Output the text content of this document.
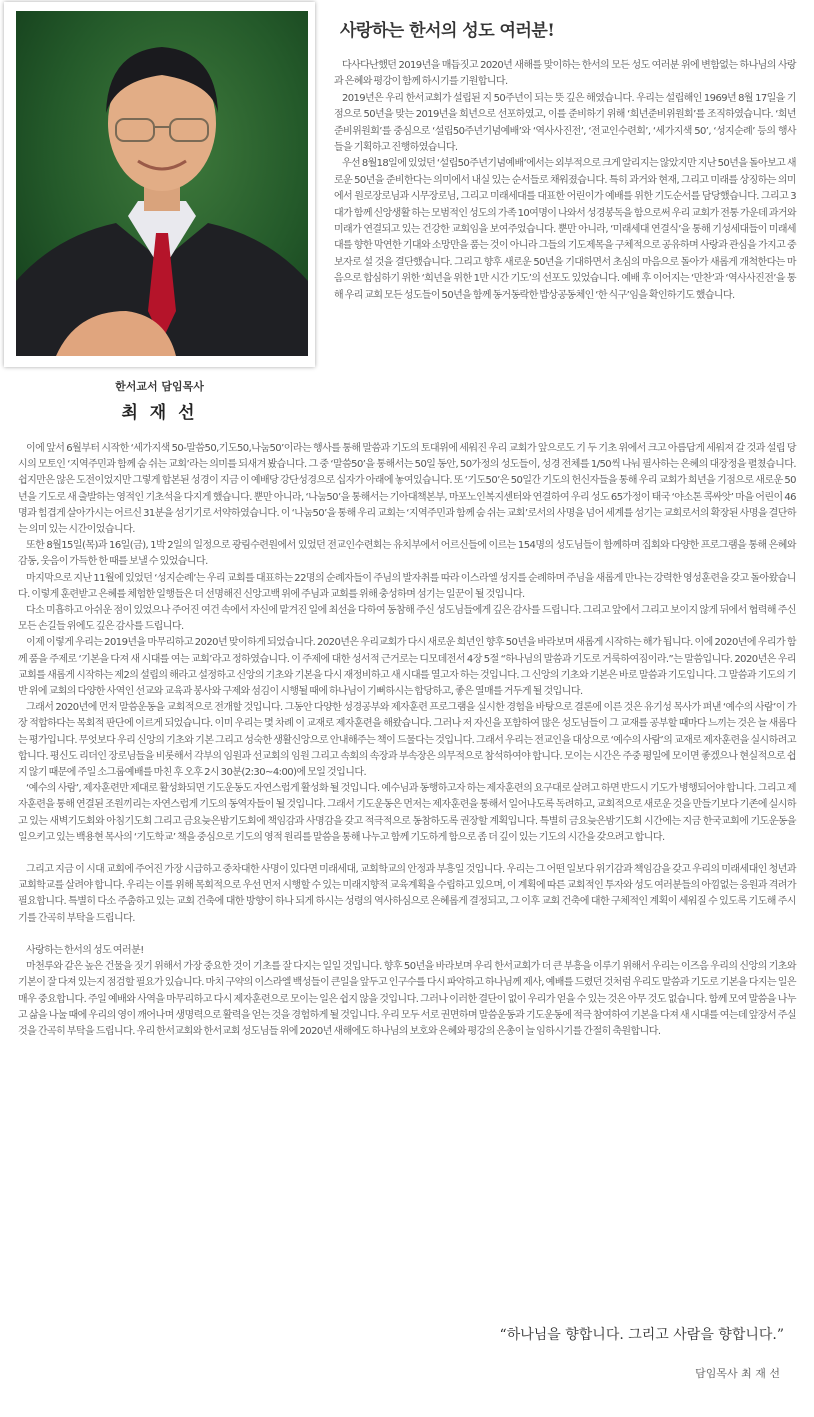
한서교서 담임목사
최 재 선
사랑하는 한서의 성도 여러분!

다사다난했던 2019년을 매듭짓고 2020년 새해를 맞이하는 한서의 모든 성도 여러분 위에 변함없는 하나님의 사랑과 은혜와 평강이 함께 하시기를 기원합니다.

2019년은 우리 한서교회가 설립된 지 50주년이 되는 뜻 깊은 해였습니다. 우리는 설립해인 1969년 8월 17일을 기점으로 50년을 맞는 2019년을 희년으로 선포하였고, 이를 준비하기 위해 ‘희년준비위원회’를 조직하였습니다. ‘희년준비위원회’를 중심으로 ‘설립50주년기념예배’와 ‘역사사진전’, ‘전교인수련회’, ‘세가지색 50’, ‘성지순례’ 등의 행사들을 기획하고 진행하였습니다.

우선 8월18일에 있었던 ‘설립50주년기념예배’에서는 외부적으로 크게 알리지는 않았지만 지난 50년을 돌아보고 새로운 50년을 준비한다는 의미에서 내실 있는 순서들로 채워졌습니다. 특히 과거와 현재, 그리고 미래를 상징하는 의미에서 원로장로님과 시무장로님, 그리고 미래세대를 대표한 어린이가 예배를 위한 기도순서를 담당했습니다. 그리고 3대가 함께 신앙생활 하는 모범적인 성도의 가족 10여명이 나와서 성경봉독을 함으로써 우리 교회가 전통 가운데 과거와 미래가 연결되고 있는 건강한 교회임을 보여주었습니다. 뿐만 아니라, ‘미래세대 연결식’을 통해 기성세대들이 미래세대를 향한 막연한 기대와 소망만을 품는 것이 아니라 그들의 기도제목을 구체적으로 공유하며 사랑과 관심을 가지고 중보자로 설 것을 결단했습니다. 그리고 향후 새로운 50년을 기대하면서 초심의 마음으로 돌아가 새롭게 개척한다는 마음으로 합심하기 위한 ‘희년을 위한 1만 시간 기도’의 선포도 있었습니다. 예배 후 이어지는 ‘만찬’과 ‘역사사진전’을 통해 우리 교회 모든 성도들이 50년을 함께 동거동락한 밥상공동체인 ‘한 식구’임을 확인하기도 했습니다.

이에 앞서 6월부터 시작한 ‘세가지색 50-말씀50,기도50,나눔50’이라는 행사를 통해 말씀과 기도의 토대위에 세워진 우리 교회가 앞으로도 기 두 기초 위에서 크고 아름답게 세워져 갈 것과 설립 당시의 모토인 ‘지역주민과 함께 숨 쉬는 교회’라는 의미를 되새겨 봤습니다. 그 중 ‘말씀50’을 통해서는 50일 동안, 50가정의 성도들이, 성경 전체를 1/50씩 나눠 필사하는 은혜의 대장정을 펼쳤습니다. 쉽지만은 않은 도전이었지만 그렇게 합본된 성경이 지금 이 예배당 강단성경으로 십자가 아래에 놓여있습니다. 또 ‘기도50’은 50일간 기도의 헌신자들을 통해 우리 교회가 희년을 기점으로 새로운 50년을 기도로 새 출발하는 영적인 기초석을 다지게 했습니다. 뿐만 아니라, ‘나눔50’을 통해서는 기아대책본부, 마포노인복지센터와 연결하여 우리 성도 65가정이 태국 ‘야소톤 콕싸앗’ 마을 어린이 46명과 힘겹게 살아가시는 어르신 31분을 섬기기로 서약하였습니다. 이 ‘나눔50’을 통해 우리 교회는 ‘지역주민과 함께 숨 쉬는 교회’로서의 사명을 넘어 세계를 섬기는 교회로서의 확장된 사명을 결단하는 의미 있는 시간이었습니다.

또한 8월15일(목)과 16일(금), 1박 2일의 일정으로 광림수련원에서 있었던 전교인수련회는 유치부에서 어르신들에 이르는 154명의 성도님들이 함께하며 집회와 다양한 프로그램을 통해 은혜와 감동, 웃음이 가득한 한 때를 보낼 수 있었습니다.

마지막으로 지난 11월에 있었던 ‘성지순례’는 우리 교회를 대표하는 22명의 순례자들이 주님의 발자취를 따라 이스라엘 성지를 순례하며 주님을 새롭게 만나는 강력한 영성훈련을 갖고 돌아왔습니다. 이렇게 훈련받고 은혜를 체험한 일행들은 더 선명해진 신앙고백 위에 주님과 교회를 위해 충성하며 섬기는 일꾼이 될 것입니다.

다소 미흡하고 아쉬운 점이 있었으나 주어진 여건 속에서 자신에 맡겨진 일에 최선을 다하여 동참해 주신 성도님들에게 깊은 감사를 드립니다. 그리고 앞에서 그리고 보이지 않게 뒤에서 협력해 주신 모든 손길들 위에도 깊은 감사를 드립니다.

이제 이렇게 우리는 2019년을 마무리하고 2020년 맞이하게 되었습니다. 2020년은 우리교회가 다시 새로운 희년인 향후 50년을 바라보며 새롭게 시작하는 해가 됩니다. 이에 2020년에 우리가 함께 품을 주제로 ‘기본을 다져 새 시대를 여는 교회’라고 정하였습니다. 이 주제에 대한 성서적 근거로는 디모데전서 4장 5절 “하나님의 말씀과 기도로 거룩하여짐이라.”는 말씀입니다. 2020년은 우리교회를 새롭게 시작하는 제2의 설립의 해라고 설정하고 신앙의 기초와 기본을 다시 재정비하고 새 시대를 열고자 하는 것입니다. 그 신앙의 기초와 기본은 바로 말씀과 기도입니다. 그 말씀과 기도의 기반 위에 교회의 다양한 사역인 선교와 교육과 봉사와 구제와 섬김이 시행될 때에 하나님이 기뻐하시는 합당하고, 좋은 열매를 거두게 될 것입니다.

그래서 2020년에 먼저 말씀운동을 교회적으로 전개할 것입니다. 그동안 다양한 성경공부와 제자훈련 프로그램을 실시한 경험을 바탕으로 결론에 이른 것은 유기성 목사가 펴낸 ‘예수의 사람’이 가장 적합하다는 목회적 판단에 이르게 되었습니다. 이미 우리는 몇 차례 이 교재로 제자훈련을 해왔습니다. 그러나 저 자신을 포함하여 많은 성도님들이 그 교재를 공부할 때마다 느끼는 것은 늘 새롭다는 평가입니다. 무엇보다 우리 신앙의 기초와 기본 그리고 성숙한 생활신앙으로 안내해주는 책이 드물다는 것입니다. 그래서 우리는 전교인을 대상으로 ‘예수의 사람’의 교재로 제자훈련을 실시하려고 합니다. 평신도 리더인 장로님들을 비롯해서 각부의 임원과 선교회의 임원 그리고 속회의 속장과 부속장은 의무적으로 참석하여야 합니다. 모이는 시간은 주중 평일에 모이면 좋겠으나 현실적으로 쉽지 않기 때문에 주일 소그룹예배를 마친 후 오후 2시 30분(2:30~4:00)에 모일 것입니다.

‘예수의 사람’, 제자훈련만 제대로 활성화되면 기도운동도 자연스럽게 활성화 될 것입니다. 예수님과 동행하고자 하는 제자훈련의 요구대로 살려고 하면 반드시 기도가 병행되어야 합니다. 그리고 제자훈련을 통해 연결된 조원끼리는 자연스럽게 기도의 동역자들이 될 것입니다. 그래서 기도운동은 먼저는 제자훈련을 통해서 일어나도록 독려하고, 교회적으로 새로운 것을 만들기보다 기존에 실시하고 있는 새벽기도회와 아침기도회 그리고 금요늦은밤기도회에 책임감과 사명감을 갖고 적극적으로 동참하도록 권장할 계획입니다. 특별히 금요늦은밤기도회 시간에는 지금 한국교회에 기도운동을 일으키고 있는 백용현 목사의 ‘기도학교’ 책을 중심으로 기도의 영적 원리를 말씀을 통해 나누고 함께 기도하게 함으로 좀 더 깊이 있는 기도의 시간을 갖으려고 합니다.

그리고 지금 이 시대 교회에 주어진 가장 시급하고 중차대한 사명이 있다면 미래세대, 교회학교의 안정과 부흥일 것입니다. 우리는 그 어떤 일보다 위기감과 책임감을 갖고 우리의 미래세대인 청년과 교회학교를 살려야 합니다. 우리는 이를 위해 목회적으로 우선 먼저 시행할 수 있는 미래지향적 교육계획을 수립하고 있으며, 이 계획에 따른 교회적인 투자와 성도 여러분들의 아낌없는 응원과 격려가 필요합니다. 특별히 다소 주춤하고 있는 교회 건축에 대한 방향이 하나 되게 하시는 성령의 역사하심으로 은혜롭게 결정되고, 그 이후 교회 건축에 대한 구체적인 계획이 세워질 수 있도록 기도해 주시기를 간곡히 부탁을 드립니다.

사랑하는 한서의 성도 여러분!

마천루와 같은 높은 건물을 짓기 위해서 가장 중요한 것이 기초를 잘 다지는 일일 것입니다. 향후 50년을 바라보며 우리 한서교회가 더 큰 부흥을 이루기 위해서 우리는 이즈음 우리의 신앙의 기초와 기본이 잘 다져 있는지 점검할 필요가 있습니다. 마치 구약의 이스라엘 백성들이 큰일을 앞두고 인구수를 다시 파악하고 하나님께 제사, 예배를 드렸던 것처럼 우리도 말씀과 기도로 기본을 다지는 일은 매우 중요합니다. 주일 예배와 사역을 마무리하고 다시 제자훈련으로 모이는 일은 쉽지 않을 것입니다. 그러나 이러한 결단이 없이 우리가 얻을 수 있는 것은 아무 것도 없습니다. 함께 모여 말씀을 나누고 삶을 나눌 때에 우리의 영이 깨어나며 생명력으로 활력을 얻는 것을 경험하게 될 것입니다. 우리 모두 서로 권면하며 말씀운동과 기도운동에 적극 참여하여 기본을 다져 새 시대를 여는데 앞장서 주실 것을 간곡히 부탁을 드립니다. 우리 한서교회와 한서교회 성도님들 위에 2020년 새해에도 하나님의 보호와 은혜와 평강의 은총이 늘 임하시기를 간절히 축원합니다.

“하나님을 향합니다. 그리고 사람을 향합니다.”
담임목사 최 재 선
